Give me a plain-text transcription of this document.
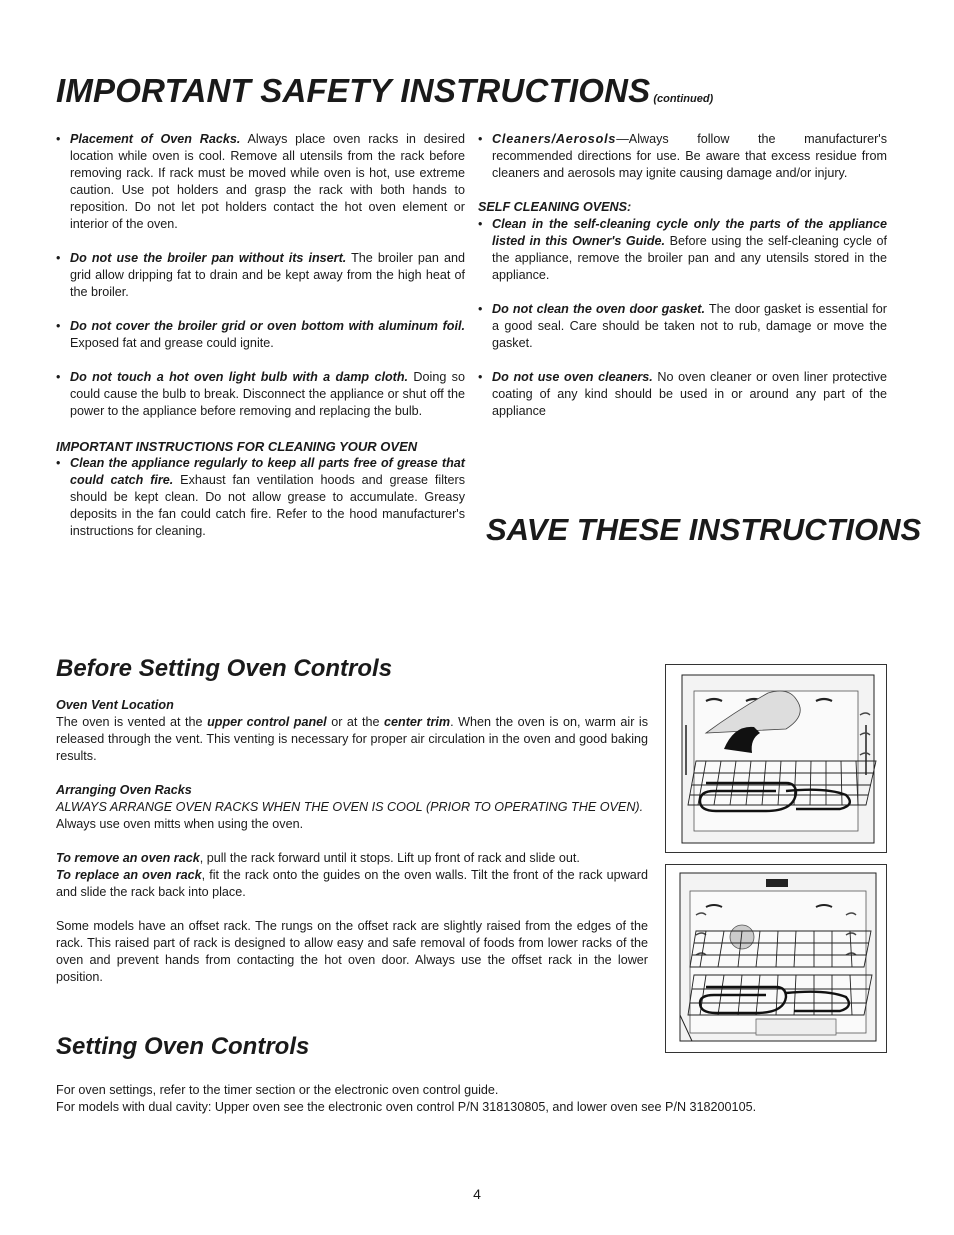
IMPORTANT SAFETY INSTRUCTIONS (continued)

• Placement of Oven Racks. Always place oven racks in desired location while oven is cool. Remove all utensils from the rack before removing rack. If rack must be moved while oven is hot, use extreme caution. Use pot holders and grasp the rack with both hands to reposition. Do not let pot holders contact the hot oven element or interior of the oven.

• Do not use the broiler pan without its insert. The broiler pan and grid allow dripping fat to drain and be kept away from the high heat of the broiler.

• Do not cover the broiler grid or oven bottom with aluminum foil. Exposed fat and grease could ignite.

• Do not touch a hot oven light bulb with a damp cloth. Doing so could cause the bulb to break. Disconnect the appliance or shut off the power to the appliance before removing and replacing the bulb.

IMPORTANT INSTRUCTIONS FOR CLEANING YOUR OVEN

• Clean the appliance regularly to keep all parts free of grease that could catch fire. Exhaust fan ventilation hoods and grease filters should be kept clean. Do not allow grease to accumulate. Greasy deposits in the fan could catch fire. Refer to the hood manufacturer's instructions for cleaning.

• Cleaners/Aerosols—Always follow the manufacturer's recommended directions for use. Be aware that excess residue from cleaners and aerosols may ignite causing damage and/or injury.

SELF CLEANING OVENS:

• Clean in the self-cleaning cycle only the parts of the appliance listed in this Owner's Guide. Before using the self-cleaning cycle of the appliance, remove the broiler pan and any utensils stored in the appliance.

• Do not clean the oven door gasket. The door gasket is essential for a good seal. Care should be taken not to rub, damage or move the gasket.

• Do not use oven cleaners. No oven cleaner or oven liner protective coating of any kind should be used in or around any part of the appliance

SAVE THESE INSTRUCTIONS
Before Setting Oven Controls

Oven Vent Location

The oven is vented at the upper control panel or at the center trim. When the oven is on, warm air is released through the vent. This venting is necessary for proper air circulation in the oven and good baking results.

Arranging Oven Racks

ALWAYS ARRANGE OVEN RACKS WHEN THE OVEN IS COOL (PRIOR TO OPERATING THE OVEN).

Always use oven mitts when using the oven.

To remove an oven rack, pull the rack forward until it stops. Lift up front of rack and slide out.

To replace an oven rack, fit the rack onto the guides on the oven walls. Tilt the front of the rack upward and slide the rack back into place.

Some models have an offset rack. The rungs on the offset rack are slightly raised from the edges of the rack. This raised part of rack is designed to allow easy and safe removal of foods from lower racks of the oven and prevent hands from contacting the hot oven door. Always use the offset rack in the lower position.

Setting Oven Controls

For oven settings, refer to the timer section or the electronic oven control guide.

For models with dual cavity: Upper oven see the electronic oven control P/N 318130805, and lower oven see P/N 318200105.

4
